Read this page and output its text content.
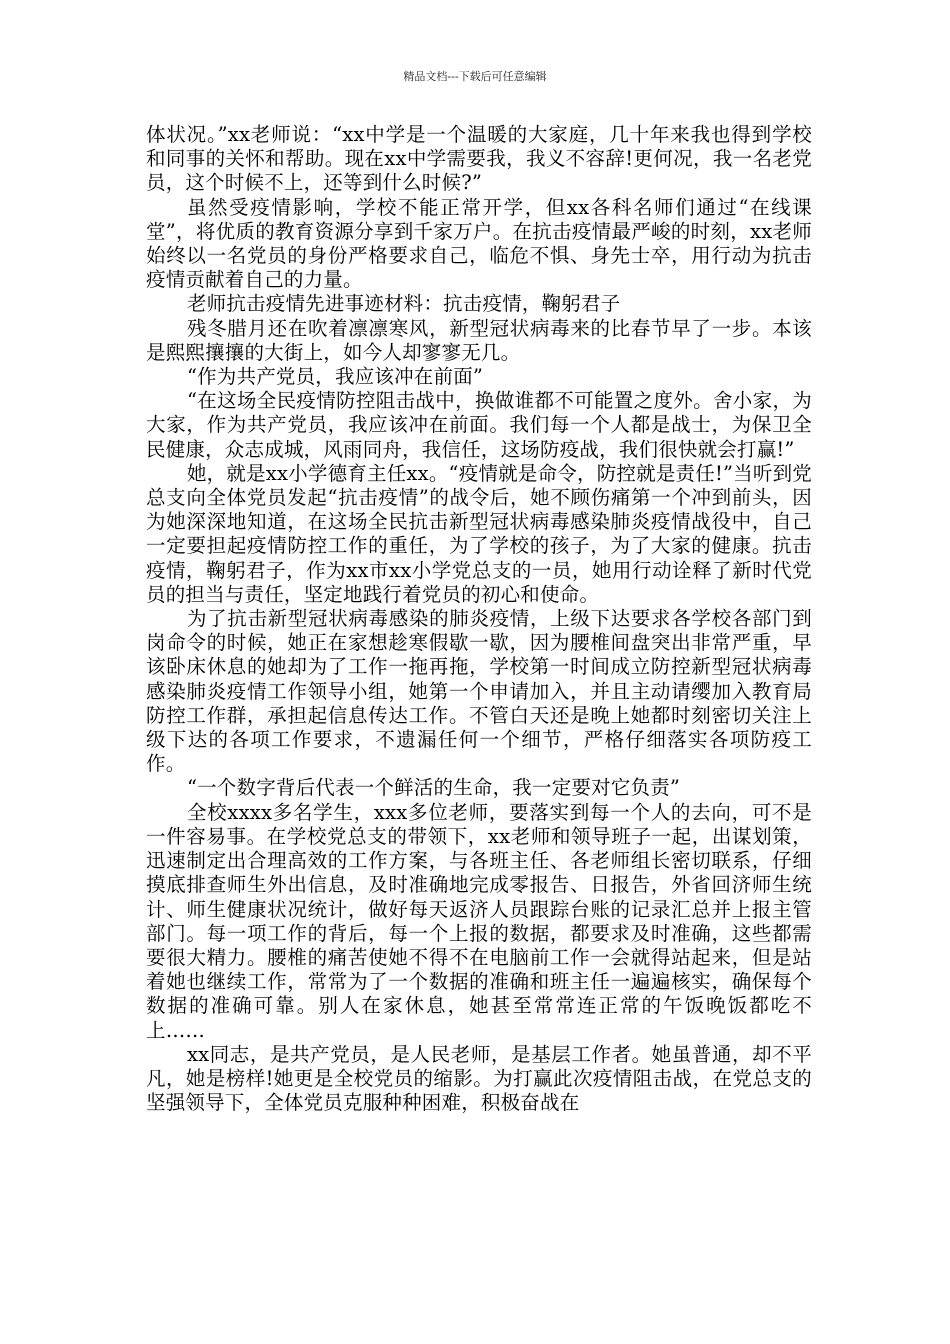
精品文档---下载后可任意编辑

体状况。”xx老师说：“xx中学是一个温暖的大家庭，几十年来我也得到学校和同事的关怀和帮助。现在xx中学需要我，我义不容辞!更何况，我一名老党员，这个时候不上，还等到什么时候?”

虽然受疫情影响，学校不能正常开学，但xx各科名师们通过“在线课堂”，将优质的教育资源分享到千家万户。在抗击疫情最严峻的时刻，xx老师始终以一名党员的身份严格要求自己，临危不惧、身先士卒，用行动为抗击疫情贡献着自己的力量。

老师抗击疫情先进事迹材料：抗击疫情，鞠躬君子

残冬腊月还在吹着凛凛寒风，新型冠状病毒来的比春节早了一步。本该是熙熙攘攘的大街上，如今人却寥寥无几。

“作为共产党员，我应该冲在前面”

“在这场全民疫情防控阻击战中，换做谁都不可能置之度外。舍小家，为大家，作为共产党员，我应该冲在前面。我们每一个人都是战士，为保卫全民健康，众志成城，风雨同舟，我信任，这场防疫战，我们很快就会打赢!”

她，就是xx小学德育主任xx。“疫情就是命令，防控就是责任!”当听到党总支向全体党员发起“抗击疫情”的战令后，她不顾伤痛第一个冲到前头，因为她深深地知道，在这场全民抗击新型冠状病毒感染肺炎疫情战役中，自己一定要担起疫情防控工作的重任，为了学校的孩子，为了大家的健康。抗击疫情，鞠躬君子，作为xx市xx小学党总支的一员，她用行动诠释了新时代党员的担当与责任，坚定地践行着党员的初心和使命。

为了抗击新型冠状病毒感染的肺炎疫情，上级下达要求各学校各部门到岗命令的时候，她正在家想趁寒假歇一歇，因为腰椎间盘突出非常严重，早该卧床休息的她却为了工作一拖再拖，学校第一时间成立防控新型冠状病毒感染肺炎疫情工作领导小组，她第一个申请加入，并且主动请缨加入教育局防控工作群，承担起信息传达工作。不管白天还是晚上她都时刻密切关注上级下达的各项工作要求，不遗漏任何一个细节，严格仔细落实各项防疫工作。

“一个数字背后代表一个鲜活的生命，我一定要对它负责”

全校xxxx多名学生，xxx多位老师，要落实到每一个人的去向，可不是一件容易事。在学校党总支的带领下，xx老师和领导班子一起，出谋划策，迅速制定出合理高效的工作方案，与各班主任、各老师组长密切联系，仔细摸底排查师生外出信息，及时准确地完成零报告、日报告，外省回济师生统计、师生健康状况统计，做好每天返济人员跟踪台账的记录汇总并上报主管部门。每一项工作的背后，每一个上报的数据，都要求及时准确，这些都需要很大精力。腰椎的痛苦使她不得不在电脑前工作一会就得站起来，但是站着她也继续工作，常常为了一个数据的准确和班主任一遍遍核实，确保每个数据的准确可靠。别人在家休息，她甚至常常连正常的午饭晚饭都吃不上……

xx同志，是共产党员，是人民老师，是基层工作者。她虽普通，却不平凡，她是榜样!她更是全校党员的缩影。为打赢此次疫情阻击战，在党总支的坚强领导下，全体党员克服种种困难，积极奋战在
